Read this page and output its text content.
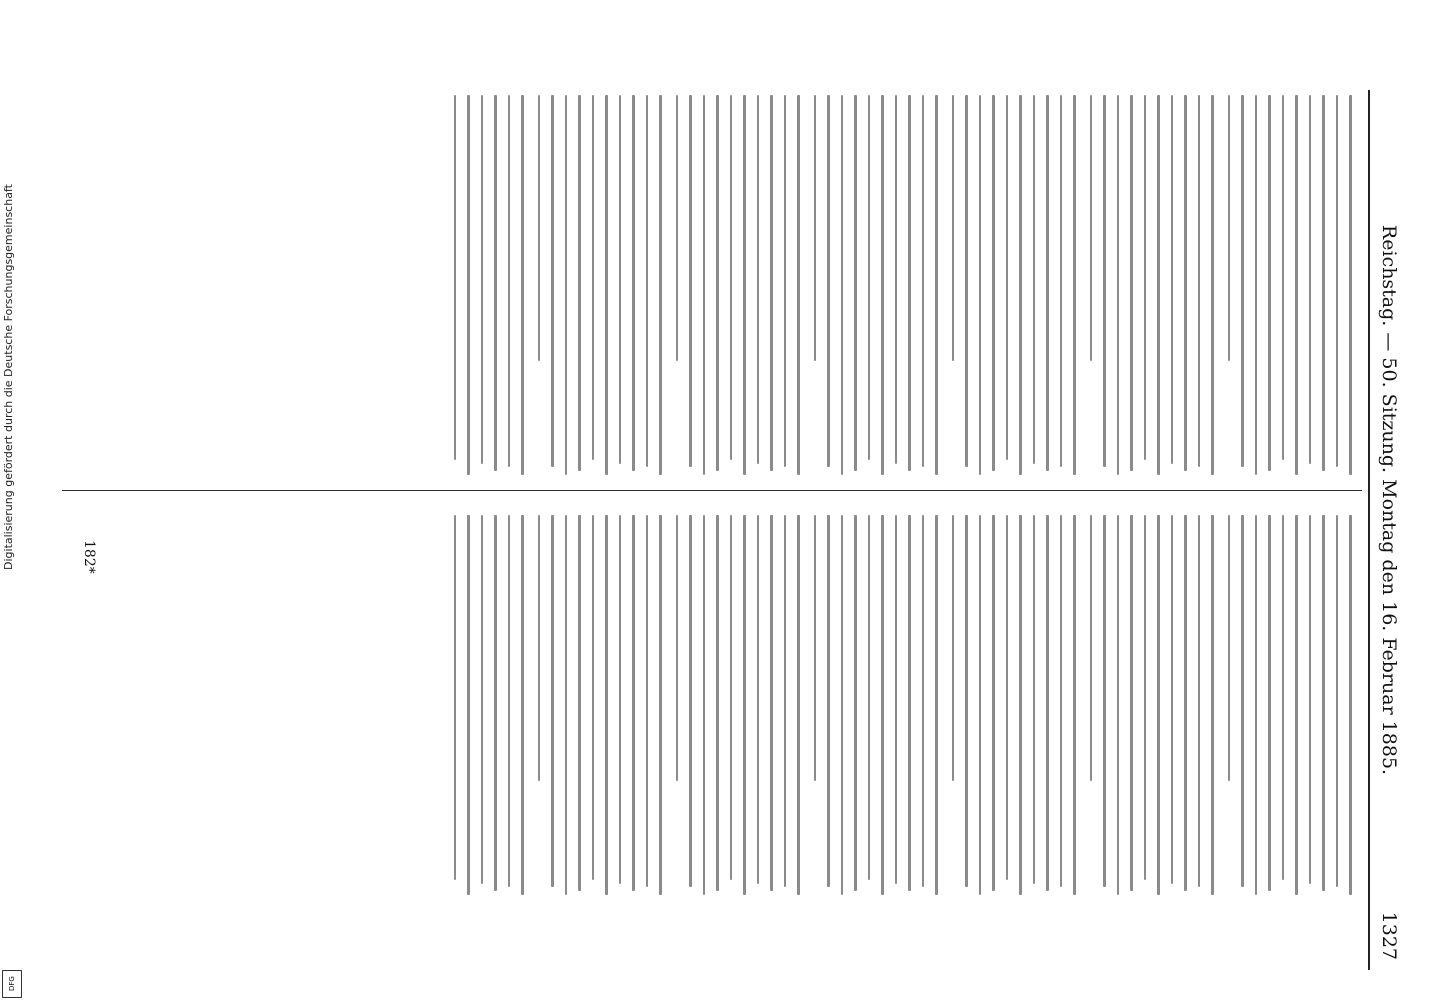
Reichstag. — 50. Sitzung. Montag den 16. Februar 1885.
1327
182*
Digitalisierung gefördert durch die Deutsche Forschungsgemeinschaft
DFG
